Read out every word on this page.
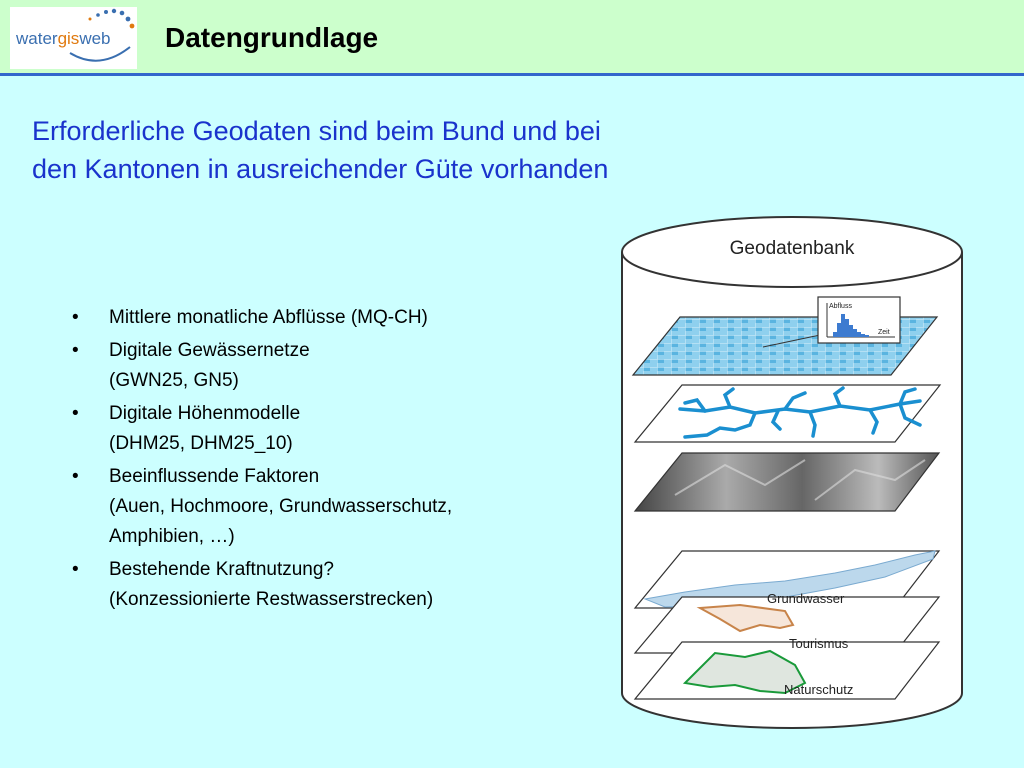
watergisweb Datengrundlage
Erforderliche Geodaten sind beim Bund und bei
den Kantonen in ausreichender Güte vorhanden
• Mittlere monatliche Abflüsse (MQ-CH)
• Digitale Gewässernetze
(GWN25, GN5)
• Digitale Höhenmodelle
(DHM25, DHM25_10)
• Beeinflussende Faktoren
(Auen, Hochmoore, Grundwasserschutz,
Amphibien, …)
• Bestehende Kraftnutzung?
(Konzessionierte Restwasserstrecken)
Abfluss
Zeit
Geodatenbank
Grundwasser
Tourismus
Naturschutz
